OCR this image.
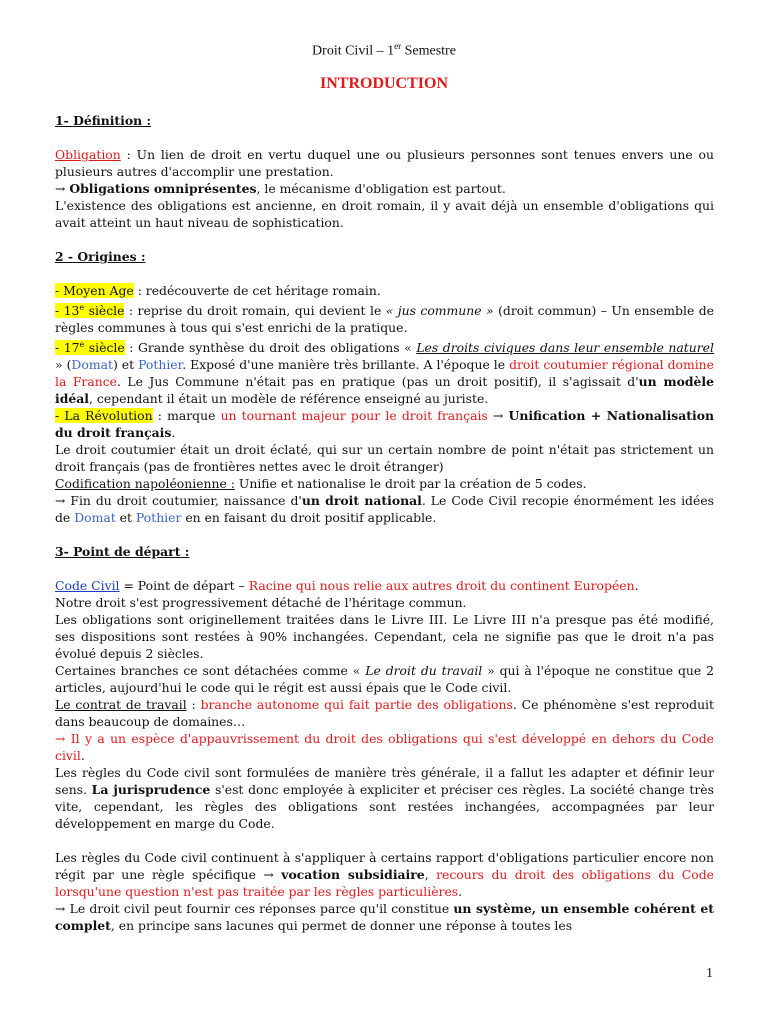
Droit Civil – 1er Semestre
INTRODUCTION

1- Définition :

Obligation : Un lien de droit en vertu duquel une ou plusieurs personnes sont tenues envers une ou plusieurs autres d'accomplir une prestation.

→ Obligations omniprésentes, le mécanisme d'obligation est partout.

L'existence des obligations est ancienne, en droit romain, il y avait déjà un ensemble d'obligations qui avait atteint un haut niveau de sophistication.

2 - Origines :

- Moyen Age : redécouverte de cet héritage romain.

- 13e siècle : reprise du droit romain, qui devient le « jus commune » (droit commun) – Un ensemble de règles communes à tous qui s'est enrichi de la pratique.

- 17e siècle : Grande synthèse du droit des obligations « Les droits civiques dans leur ensemble naturel » (Domat) et Pothier. Exposé d'une manière très brillante. A l'époque le droit coutumier régional domine la France. Le Jus Commune n'était pas en pratique (pas un droit positif), il s'agissait d'un modèle idéal, cependant il était un modèle de référence enseigné au juriste.

- La Révolution : marque un tournant majeur pour le droit français → Unification + Nationalisation du droit français.

Le droit coutumier était un droit éclaté, qui sur un certain nombre de point n'était pas strictement un droit français (pas de frontières nettes avec le droit étranger)

Codification napoléonienne : Unifie et nationalise le droit par la création de 5 codes.

→ Fin du droit coutumier, naissance d'un droit national. Le Code Civil recopie énormément les idées de Domat et Pothier en en faisant du droit positif applicable.

3- Point de départ :

Code Civil = Point de départ – Racine qui nous relie aux autres droit du continent Européen.

Notre droit s'est progressivement détaché de l'héritage commun.

Les obligations sont originellement traitées dans le Livre III. Le Livre III n'a presque pas été modifié, ses dispositions sont restées à 90% inchangées. Cependant, cela ne signifie pas que le droit n'a pas évolué depuis 2 siècles.

Certaines branches ce sont détachées comme « Le droit du travail » qui à l'époque ne constitue que 2 articles, aujourd'hui le code qui le régit est aussi épais que le Code civil.

Le contrat de travail : branche autonome qui fait partie des obligations. Ce phénomène s'est reproduit dans beaucoup de domaines…

→ Il y a un espèce d'appauvrissement du droit des obligations qui s'est développé en dehors du Code civil.

Les règles du Code civil sont formulées de manière très générale, il a fallut les adapter et définir leur sens. La jurisprudence s'est donc employée à expliciter et préciser ces règles. La société change très vite, cependant, les règles des obligations sont restées inchangées, accompagnées par leur développement en marge du Code.

Les règles du Code civil continuent à s'appliquer à certains rapport d'obligations particulier encore non régit par une règle spécifique → vocation subsidiaire, recours du droit des obligations du Code lorsqu'une question n'est pas traitée par les règles particulières.

→ Le droit civil peut fournir ces réponses parce qu'il constitue un système, un ensemble cohérent et complet, en principe sans lacunes qui permet de donner une réponse à toutes les

1
